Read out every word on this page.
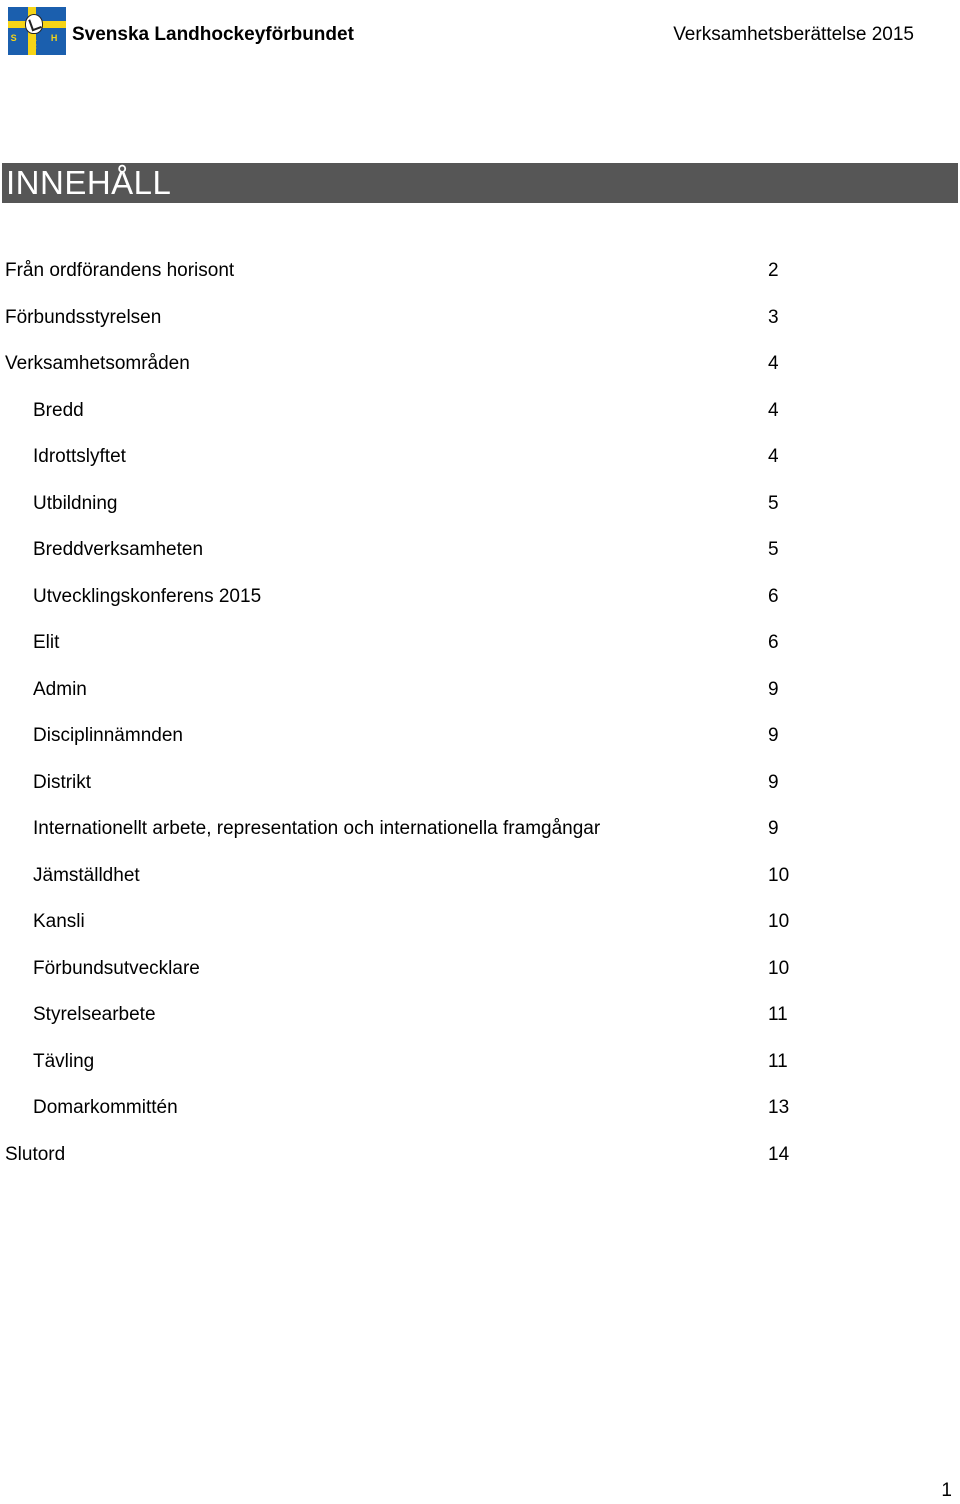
S L H F
Svenska Landhockeyförbundet	Verksamhetsberättelse 2015
INNEHÅLL
Från ordförandens horisont	2
Förbundsstyrelsen	3
Verksamhetsområden	4
Bredd	4
Idrottslyftet	4
Utbildning	5
Breddverksamheten	5
Utvecklingskonferens 2015	6
Elit	6
Admin	9
Disciplinnämnden	9
Distrikt	9
Internationellt arbete, representation och internationella framgångar	9
Jämställdhet	10
Kansli	10
Förbundsutvecklare	10
Styrelsearbete	11
Tävling	11
Domarkommittén	13
Slutord	14
1
